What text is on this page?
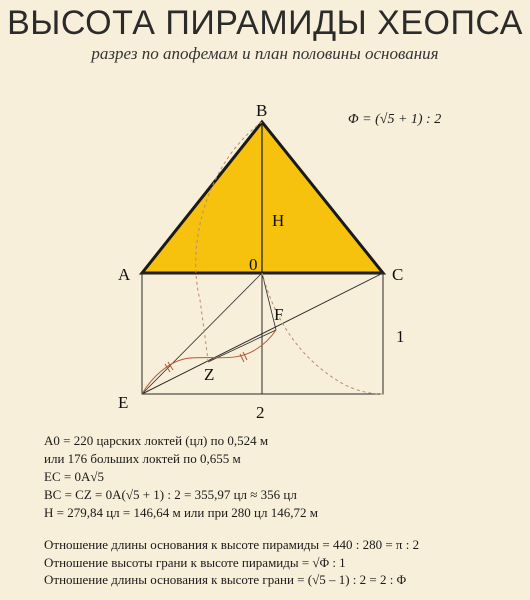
ВЫСОТА ПИРАМИДЫ ХЕОПСА
разрез по апофемам и план половины основания
Φ = (√5 + 1) : 2
A
B
C
E
F
Z
H
0
1
2
A0 = 220 царских локтей (цл) по 0,524 м
или 176 больших локтей по 0,655 м
EC = 0A√5
BC = CZ = 0A(√5 + 1) : 2 = 355,97 цл ≈ 356 цл
H = 279,84 цл = 146,64 м или при 280 цл 146,72 м
Отношение длины основания к высоте пирамиды = 440 : 280 = π : 2
Отношение высоты грани к высоте пирамиды = √Φ : 1
Отношение длины основания к высоте грани = (√5 – 1) : 2 = 2 : Φ
